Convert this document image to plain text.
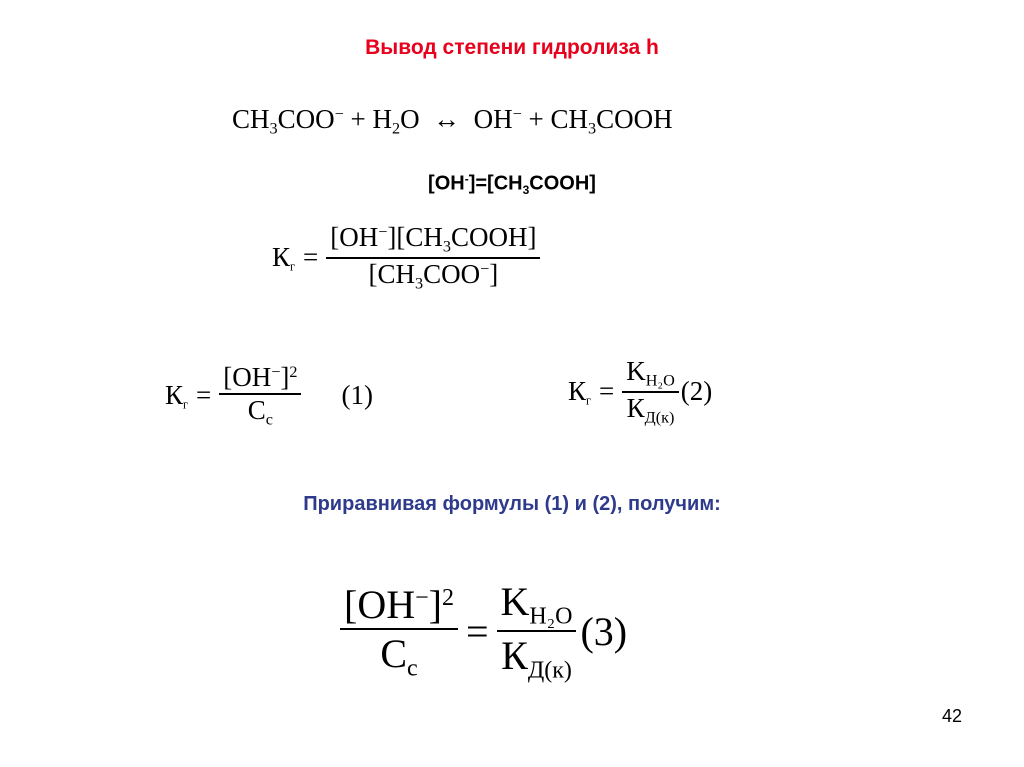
Вывод степени гидролиза h
$CH_3COO^- + H_2O$ ↔ $OH^- + CH_3COOH$
$[OH^-]=[CH_3COOH]$
$К_г = \frac{[OH^-][CH_3COOH]}{[CH_3COO^-]}$
$К_г = \frac{[OH^-]^2}{C_c}$	(1)	$К_г = \frac{K_{H_2O}}{К_{Д(к)}} (2)$
Приравнивая формулы (1) и (2), получим:
$\frac{[OH^-]^2}{C_c} = \frac{K_{H_2O}}{К_{Д(к)}} (3)$
42
